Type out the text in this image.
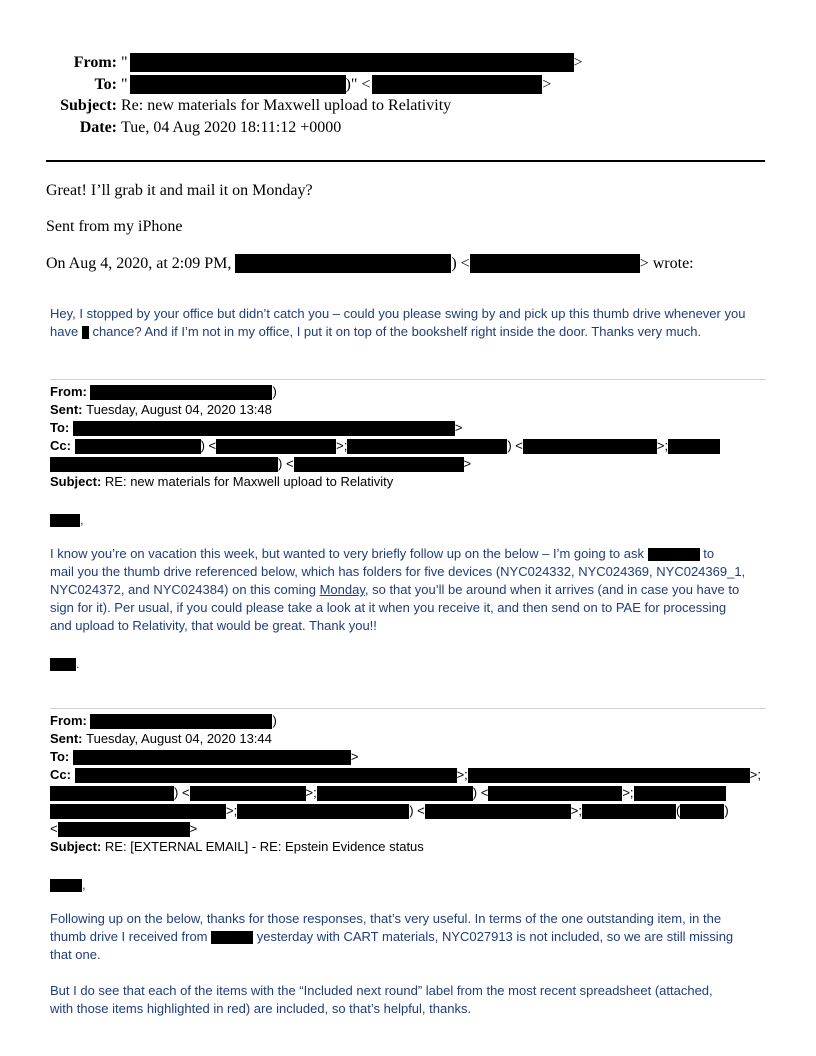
From: "	>
To: "	)" <	>
Subject: Re: new materials for Maxwell upload to Relativity
Date: Tue, 04 Aug 2020 18:11:12 +0000
Great! I’ll grab it and mail it on Monday?
Sent from my iPhone
On Aug 4, 2020, at 2:09 PM,
	) <	> wrote:
Hey, I stopped by your office but didn’t catch you – could you please swing by and pick up this thumb drive whenever you have chance? And if I’m not in my office, I put it on top of the bookshelf right inside the door. Thanks very much.
From:
	)
Sent:
Tuesday, August 04, 2020 13:48
To:
	>
Cc:
	) <	>;	) <	>;
) <	>
Subject:
RE: new materials for Maxwell upload to Relativity
,
I know you’re on vacation this week, but wanted to very briefly follow up on the below – I’m going to ask	to
mail you the thumb drive referenced below, which has folders for five devices (NYC024332, NYC024369, NYC024369_1,
NYC024372, and NYC024384) on this coming Monday, so that you’ll be around when it arrives (and in case you have to
sign for it). Per usual, if you could please take a look at it when you receive it, and then send on to PAE for processing
and upload to Relativity, that would be great. Thank you!!
.
From:
	)
Sent:
Tuesday, August 04, 2020 13:44
To:
	>
Cc:
	>;	>;
) <	>;	) <	>;
>;	) <	>;	(	)
<	>
Subject:
RE: [EXTERNAL EMAIL] - RE: Epstein Evidence status
,
Following up on the below, thanks for those responses, that’s very useful. In terms of the one outstanding item, in the
thumb drive I received from	yesterday with CART materials, NYC027913 is not included, so we are still missing
that one.
But I do see that each of the items with the “Included next round” label from the most recent spreadsheet (attached,
with those items highlighted in red) are included, so that’s helpful, thanks.
